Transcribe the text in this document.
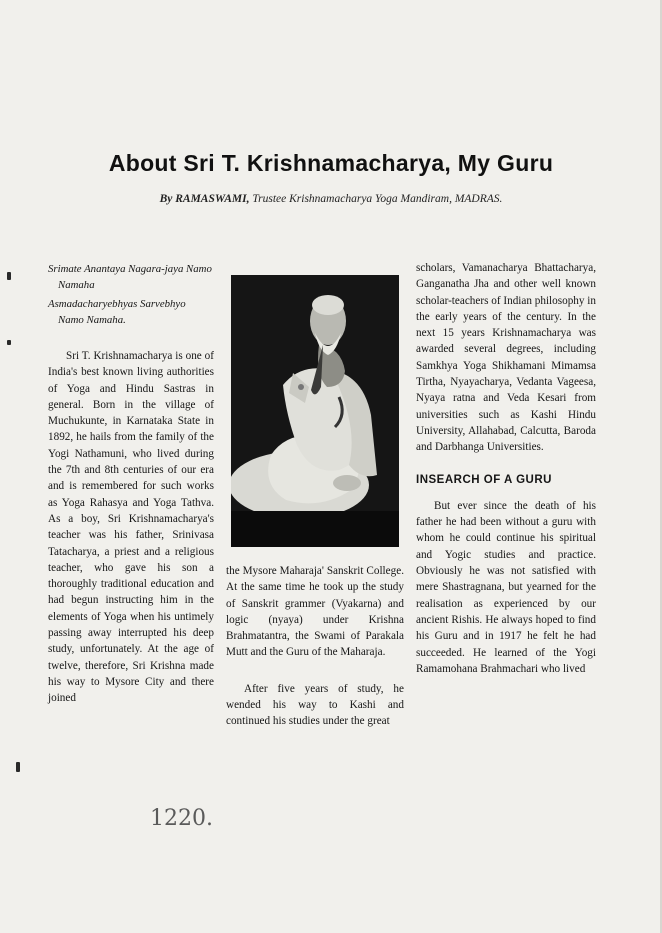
About Sri T. Krishnamacharya, My Guru
By RAMASWAMI, Trustee Krishnamacharya Yoga Mandiram, MADRAS.

Srimate Anantaya Nagara-jaya Namo Namaha

Asmadacharyebhyas Sarvebhyo Namo Namaha.

Sri T. Krishnamacharya is one of India's best known living authorities of Yoga and Hindu Sastras in general. Born in the village of Muchukunte, in Karnataka State in 1892, he hails from the family of the Yogi Nathamuni, who lived during the 7th and 8th centuries of our era and is remembered for such works as Yoga Rahasya and Yoga Tathva. As a boy, Sri Krishnamacharya's teacher was his father, Srinivasa Tatacharya, a priest and a religious teacher, who gave his son a thoroughly traditional education and had begun instructing him in the elements of Yoga when his untimely passing away interrupted his deep study, unfortunately. At the age of twelve, therefore, Sri Krishna made his way to Mysore City and there joined

the Mysore Maharaja' Sanskrit College. At the same time he took up the study of Sanskrit grammer (Vyakarna) and logic (nyaya) under Krishna Brahmatantra, the Swami of Parakala Mutt and the Guru of the Maharaja.

After five years of study, he wended his way to Kashi and continued his studies under the great

scholars, Vamanacharya Bhattacharya, Ganganatha Jha and other well known scholar-teachers of Indian philosophy in the early years of the century. In the next 15 years Krishnamacharya was awarded several degrees, including Samkhya Yoga Shikhamani Mimamsa Tirtha, Nyayacharya, Vedanta Vageesa, Nyaya ratna and Veda Kesari from universities such as Kashi Hindu University, Allahabad, Calcutta, Baroda and Darbhanga Universities.

INSEARCH OF A GURU

But ever since the death of his father he had been without a guru with whom he could continue his spiritual and Yogic studies and practice. Obviously he was not satisfied with mere Shastragnana, but yearned for the realisation as experienced by our ancient Rishis. He always hoped to find his Guru and in 1917 he felt he had succeeded. He learned of the Yogi Ramamohana Brahmachari who lived

1220.
